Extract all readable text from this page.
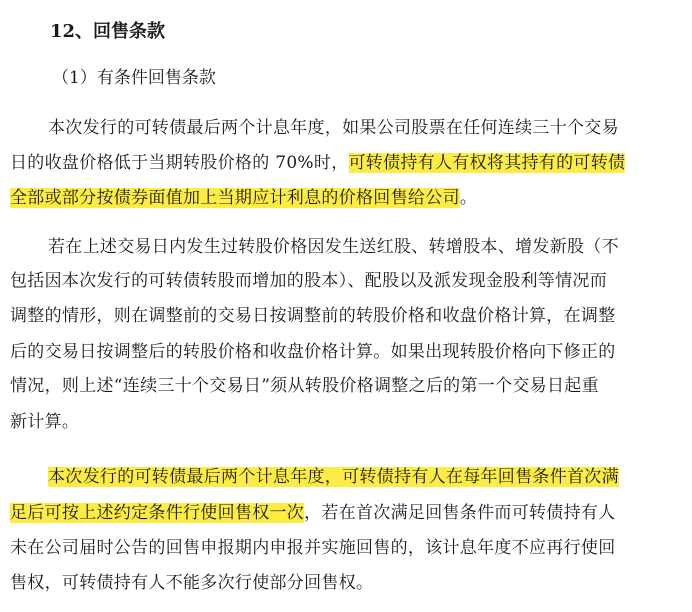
12、回售条款
（1）有条件回售条款
本次发行的可转债最后两个计息年度，如果公司股票在任何连续三十个交易
日的收盘价格低于当期转股价格的 70%时，可转债持有人有权将其持有的可转债
全部或部分按债券面值加上当期应计利息的价格回售给公司。
若在上述交易日内发生过转股价格因发生送红股、转增股本、增发新股（不
包括因本次发行的可转债转股而增加的股本）、配股以及派发现金股利等情况而
调整的情形，则在调整前的交易日按调整前的转股价格和收盘价格计算，在调整
后的交易日按调整后的转股价格和收盘价格计算。如果出现转股价格向下修正的
情况，则上述“连续三十个交易日”须从转股价格调整之后的第一个交易日起重
新计算。
本次发行的可转债最后两个计息年度，可转债持有人在每年回售条件首次满
足后可按上述约定条件行使回售权一次，若在首次满足回售条件而可转债持有人
未在公司届时公告的回售申报期内申报并实施回售的，该计息年度不应再行使回
售权，可转债持有人不能多次行使部分回售权。
